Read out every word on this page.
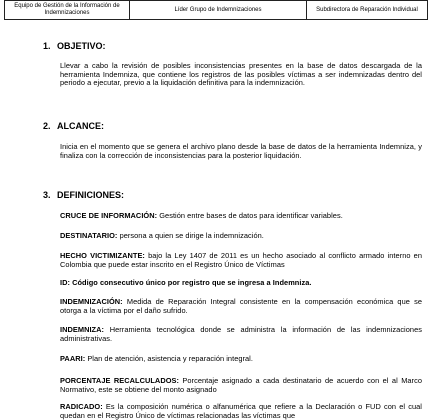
Equipo de Gestión de la Información de Indemnizaciones	Líder Grupo de Indemnizaciones	Subdirectora de Reparación Individual
1. OBJETIVO:
Llevar a cabo la revisión de posibles inconsistencias presentes en la base de datos descargada de la herramienta Indemniza, que contiene los registros de las posibles víctimas a ser indemnizadas dentro del periodo a ejecutar, previo a la liquidación definitiva para la indemnización.
2. ALCANCE:
Inicia en el momento que se genera el archivo plano desde la base de datos de la herramienta Indemniza, y finaliza con la corrección de inconsistencias para la posterior liquidación.
3. DEFINICIONES:
CRUCE DE INFORMACIÓN: Gestión entre bases de datos para identificar variables.
DESTINATARIO: persona a quien se dirige la indemnización.
HECHO VICTIMIZANTE: bajo la Ley 1407 de 2011 es un hecho asociado al conflicto armado interno en Colombia que puede estar inscrito en el Registro Único de Víctimas
ID: Código consecutivo único por registro que se ingresa a Indemniza.
INDEMNIZACIÓN: Medida de Reparación Integral consistente en la compensación económica que se otorga a la víctima por el daño sufrido.
INDEMNIZA: Herramienta tecnológica donde se administra la información de las indemnizaciones administrativas.
PAARI: Plan de atención, asistencia y reparación integral.
PORCENTAJE RECALCULADOS: Porcentaje asignado a cada destinatario de acuerdo con el al Marco Normativo, este se obtiene del monto asignado
RADICADO: Es la composición numérica o alfanumérica que refiere a la Declaración o FUD con el cual quedan en el Registro Único de víctimas relacionadas las víctimas que
